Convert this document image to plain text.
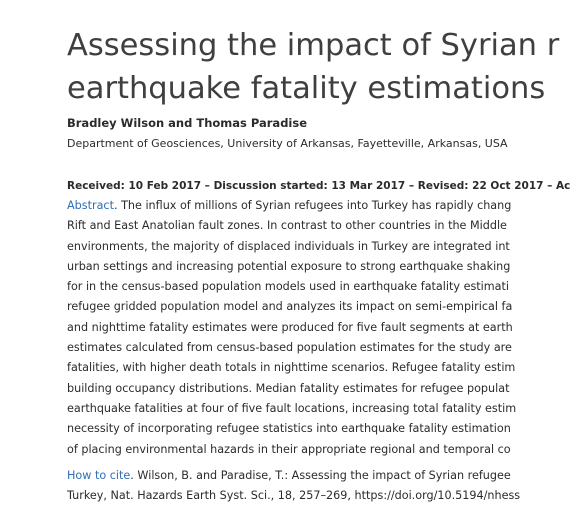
Assessing the impact of Syrian r
earthquake fatality estimations
Bradley Wilson and Thomas Paradise
Department of Geosciences, University of Arkansas, Fayetteville, Arkansas, USA
Received: 10 Feb 2017 – Discussion started: 13 Mar 2017 – Revised: 22 Oct 2017 – Ac
Abstract. The influx of millions of Syrian refugees into Turkey has rapidly chang
Rift and East Anatolian fault zones. In contrast to other countries in the Middle
environments, the majority of displaced individuals in Turkey are integrated int
urban settings and increasing potential exposure to strong earthquake shaking
for in the census-based population models used in earthquake fatality estimati
refugee gridded population model and analyzes its impact on semi-empirical fa
and nighttime fatality estimates were produced for five fault segments at earth
estimates calculated from census-based population estimates for the study are
fatalities, with higher death totals in nighttime scenarios. Refugee fatality estim
building occupancy distributions. Median fatality estimates for refugee populat
earthquake fatalities at four of five fault locations, increasing total fatality estim
necessity of incorporating refugee statistics into earthquake fatality estimation
of placing environmental hazards in their appropriate regional and temporal co
How to cite. Wilson, B. and Paradise, T.: Assessing the impact of Syrian refugee
Turkey, Nat. Hazards Earth Syst. Sci., 18, 257–269, https://doi.org/10.5194/nhess
